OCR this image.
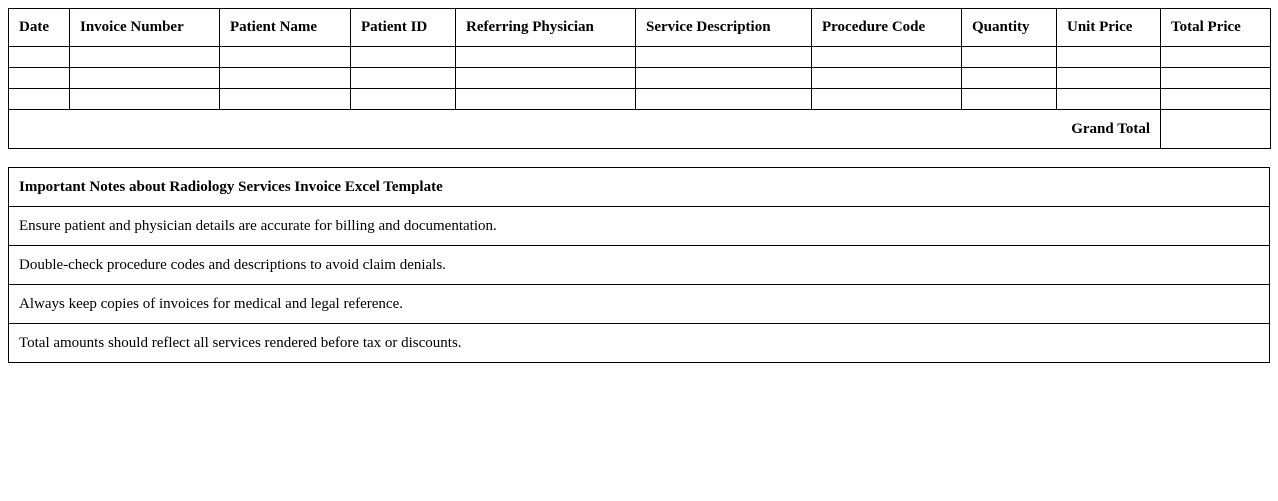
Date	Invoice Number	Patient Name	Patient ID	Referring Physician	Service Description	Procedure Code	Quantity	Unit Price	Total Price

Grand Total									
Important Notes about Radiology Services Invoice Excel Template
Ensure patient and physician details are accurate for billing and documentation.
Double-check procedure codes and descriptions to avoid claim denials.
Always keep copies of invoices for medical and legal reference.
Total amounts should reflect all services rendered before tax or discounts.
